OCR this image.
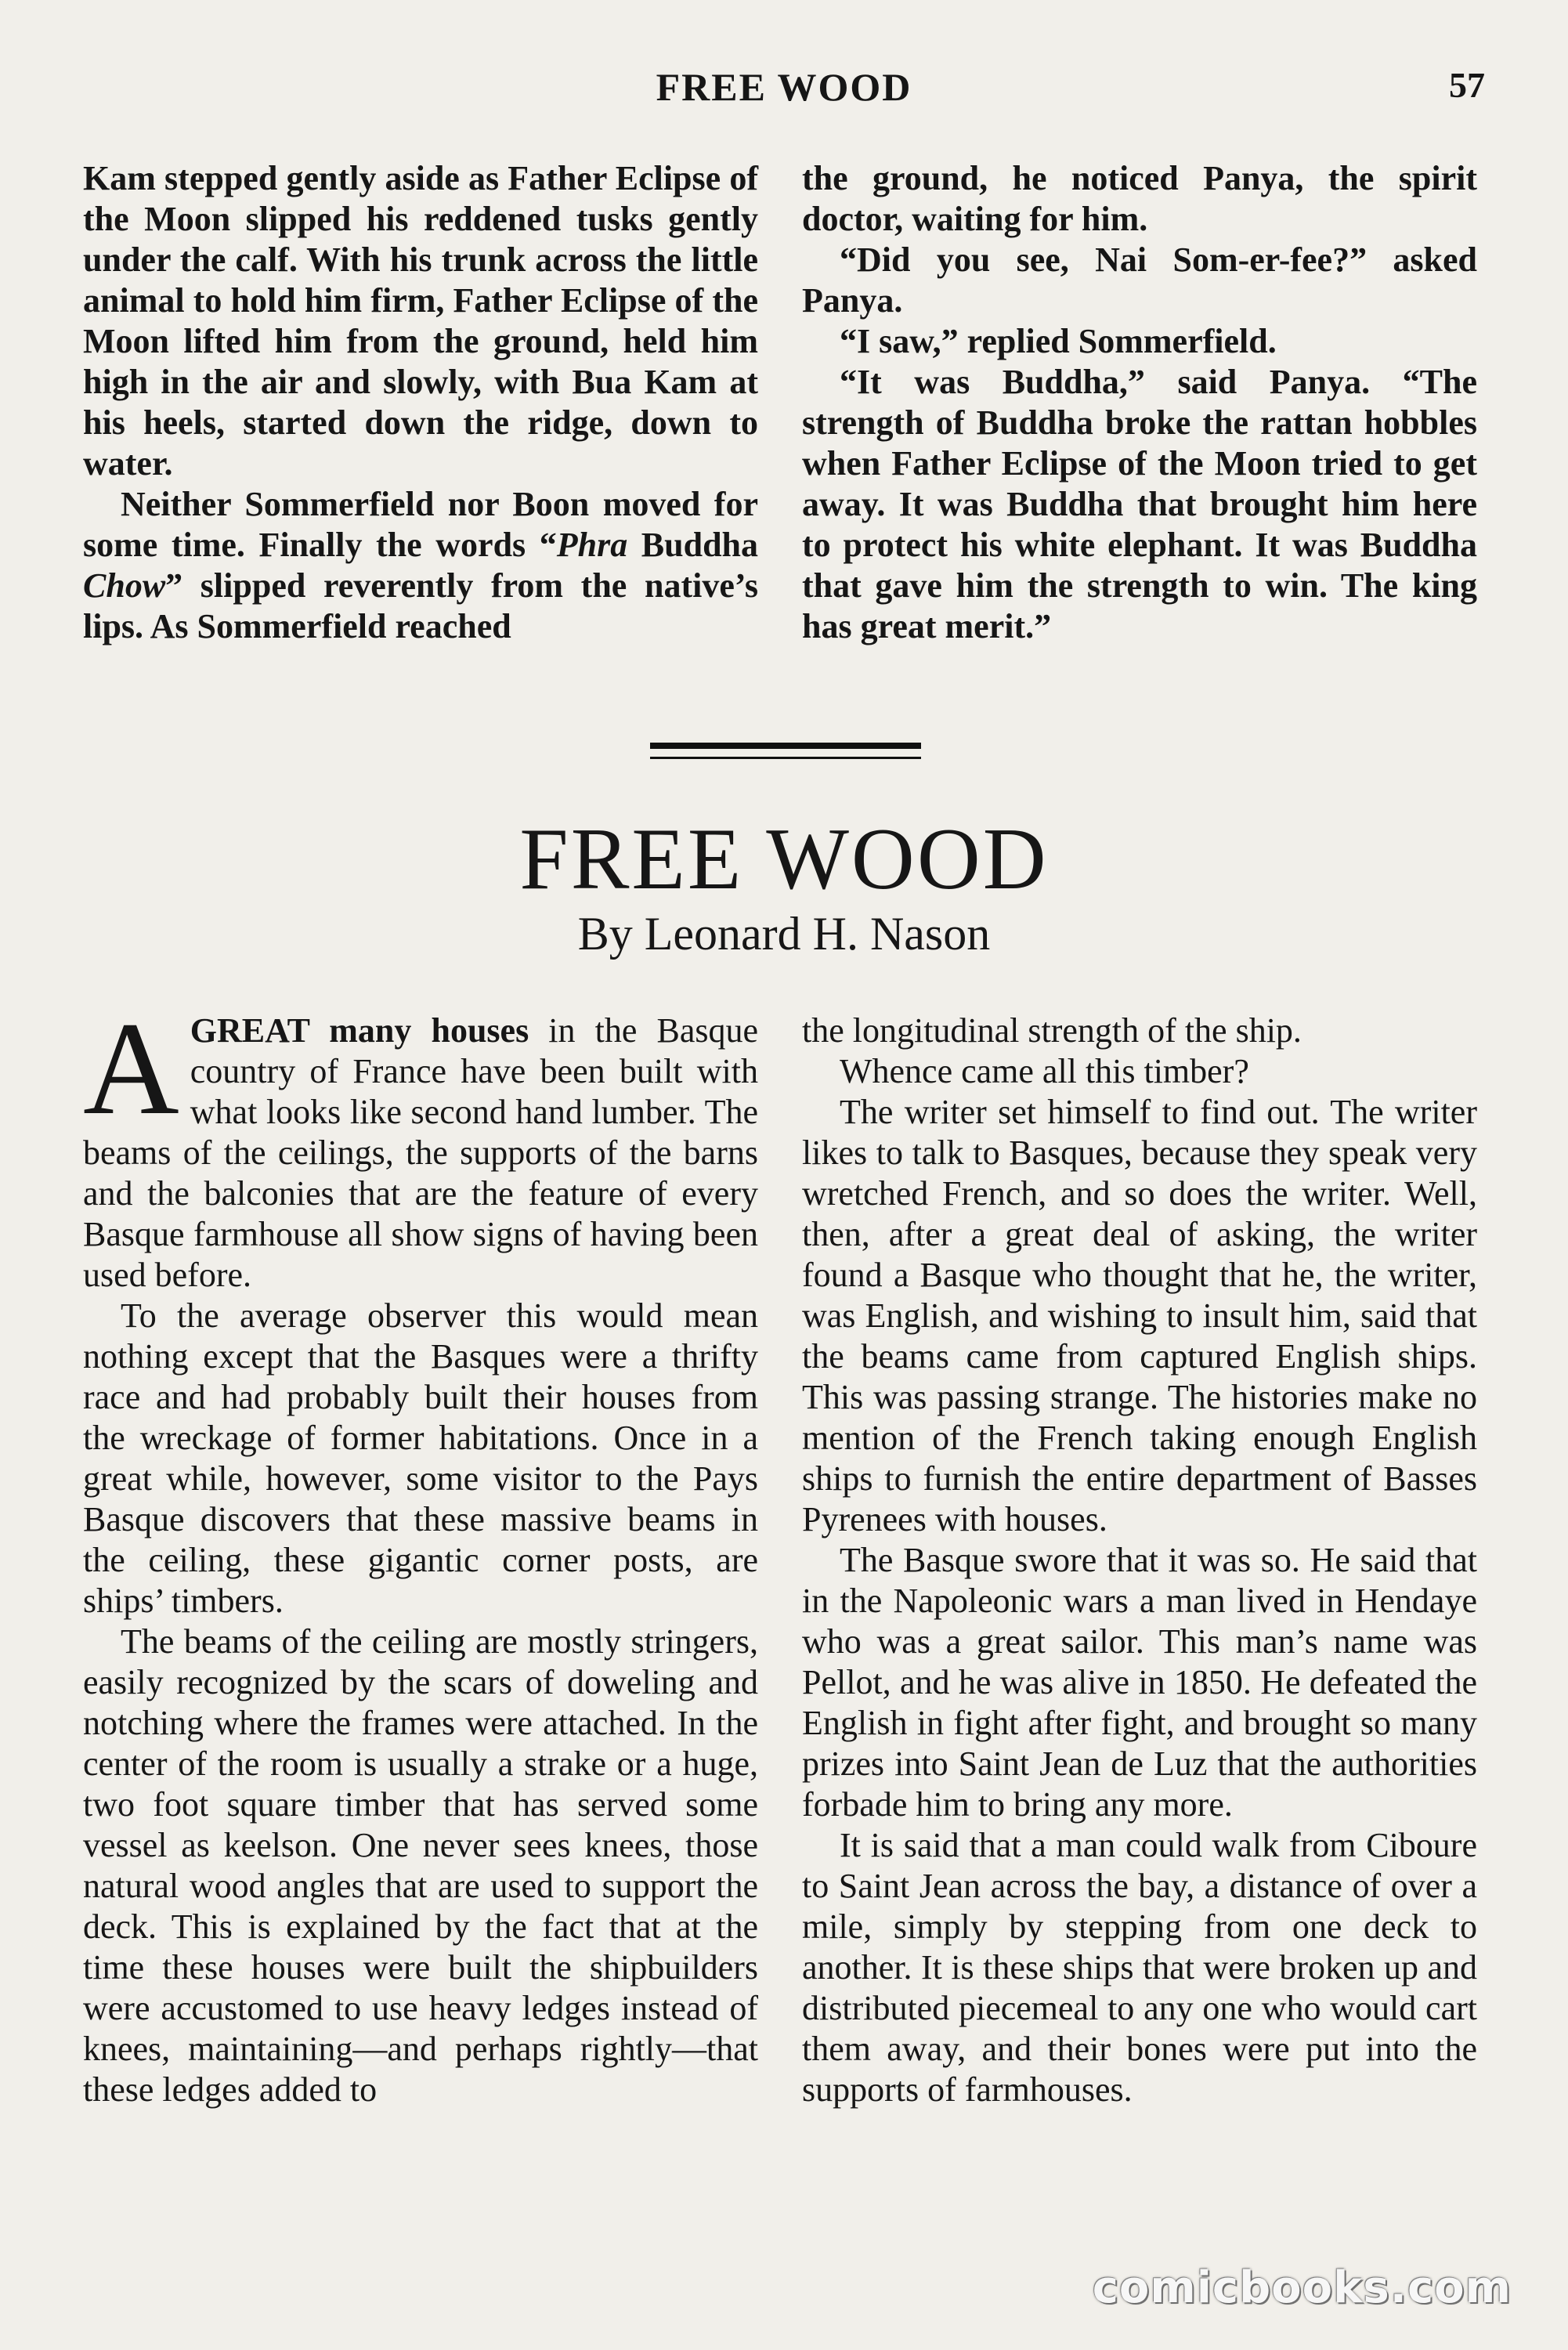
FREE WOOD	57

Kam stepped gently aside as Father Eclipse of the Moon slipped his reddened tusks gently under the calf. With his trunk across the little animal to hold him firm, Father Eclipse of the Moon lifted him from the ground, held him high in the air and slowly, with Bua Kam at his heels, started down the ridge, down to water.

Neither Sommerfield nor Boon moved for some time. Finally the words “Phra Buddha Chow” slipped reverently from the native’s lips. As Sommerfield reached

the ground, he noticed Panya, the spirit doctor, waiting for him.

“Did you see, Nai Som-er-fee?” asked Panya.

“I saw,” replied Sommerfield.

“It was Buddha,” said Panya. “The strength of Buddha broke the rattan hobbles when Father Eclipse of the Moon tried to get away. It was Buddha that brought him here to protect his white elephant. It was Buddha that gave him the strength to win. The king has great merit.”

FREE WOOD
By Leonard H. Nason

AGREAT many houses in the Basque country of France have been built with what looks like second hand lumber. The beams of the ceilings, the supports of the barns and the balconies that are the feature of every Basque farmhouse all show signs of having been used before.

To the average observer this would mean nothing except that the Basques were a thrifty race and had probably built their houses from the wreckage of former habitations. Once in a great while, however, some visitor to the Pays Basque discovers that these massive beams in the ceiling, these gigantic corner posts, are ships’ timbers.

The beams of the ceiling are mostly stringers, easily recognized by the scars of doweling and notching where the frames were attached. In the center of the room is usually a strake or a huge, two foot square timber that has served some vessel as keelson. One never sees knees, those natural wood angles that are used to support the deck. This is explained by the fact that at the time these houses were built the shipbuilders were accustomed to use heavy ledges instead of knees, maintaining—and perhaps rightly—that these ledges added to

the longitudinal strength of the ship.

Whence came all this timber?

The writer set himself to find out. The writer likes to talk to Basques, because they speak very wretched French, and so does the writer. Well, then, after a great deal of asking, the writer found a Basque who thought that he, the writer, was English, and wishing to insult him, said that the beams came from captured English ships. This was passing strange. The histories make no mention of the French taking enough English ships to furnish the entire department of Basses Pyrenees with houses.

The Basque swore that it was so. He said that in the Napoleonic wars a man lived in Hendaye who was a great sailor. This man’s name was Pellot, and he was alive in 1850. He defeated the English in fight after fight, and brought so many prizes into Saint Jean de Luz that the authorities forbade him to bring any more.

It is said that a man could walk from Ciboure to Saint Jean across the bay, a distance of over a mile, simply by stepping from one deck to another. It is these ships that were broken up and distributed piecemeal to any one who would cart them away, and their bones were put into the supports of farmhouses.

comicbooks.com
